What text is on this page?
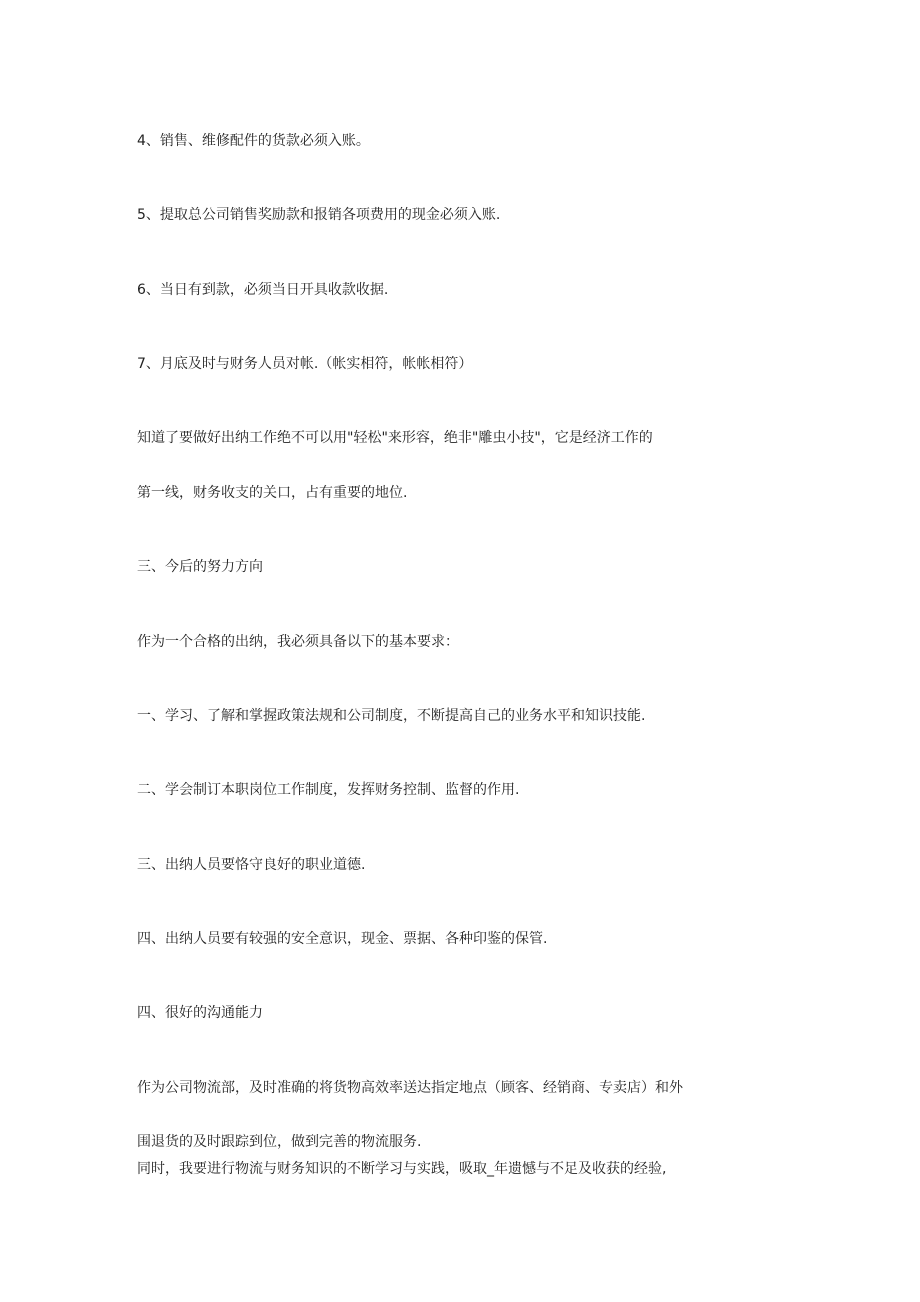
4、销售、维修配件的货款必须入账。
5、提取总公司销售奖励款和报销各项费用的现金必须入账.
6、当日有到款，必须当日开具收款收据.
7、月底及时与财务人员对帐.（帐实相符，帐帐相符）
知道了要做好出纳工作绝不可以用"轻松"来形容，绝非"雕虫小技"，它是经济工作的
第一线，财务收支的关口，占有重要的地位.
三、今后的努力方向
作为一个合格的出纳，我必须具备以下的基本要求：
一、学习、了解和掌握政策法规和公司制度，不断提高自己的业务水平和知识技能.
二、学会制订本职岗位工作制度，发挥财务控制、监督的作用.
三、出纳人员要恪守良好的职业道德.
四、出纳人员要有较强的安全意识，现金、票据、各种印鉴的保管.
四、很好的沟通能力
作为公司物流部，及时准确的将货物高效率送达指定地点（顾客、经销商、专卖店）和外
围退货的及时跟踪到位，做到完善的物流服务.
同时，我要进行物流与财务知识的不断学习与实践，吸取_年遗憾与不足及收获的经验,
